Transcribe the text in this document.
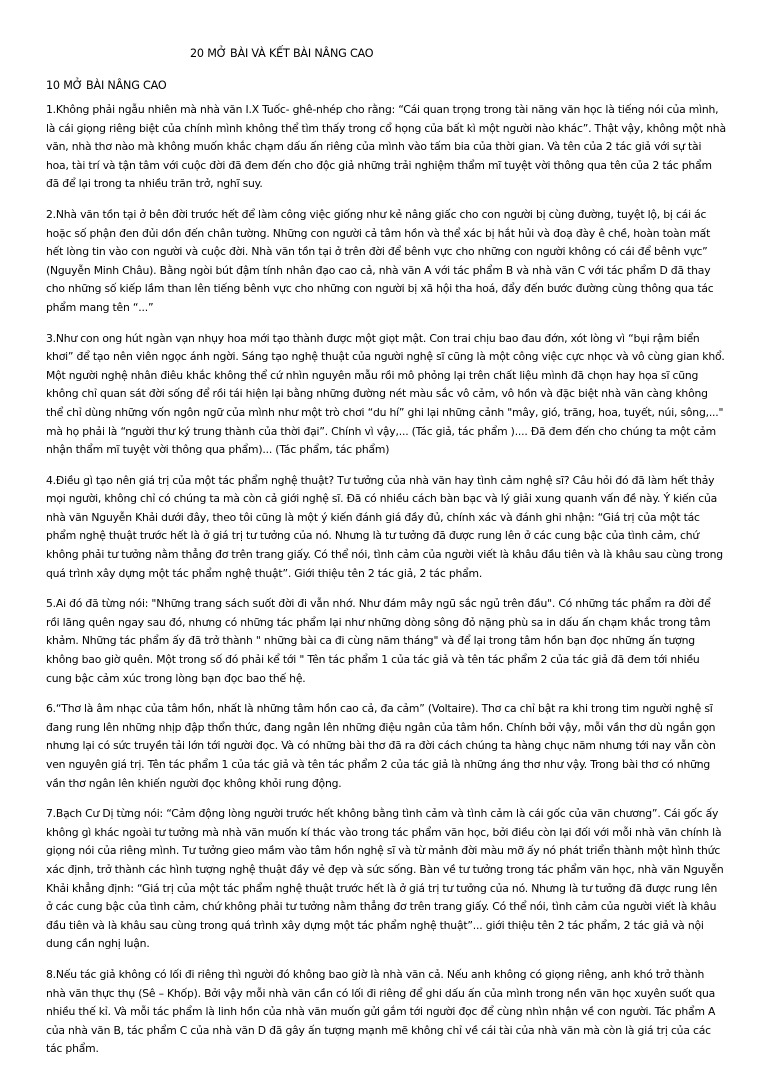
20 MỞ BÀI VÀ KẾT BÀI NÂNG CAO
10 MỞ BÀI NÂNG CAO

1.Không phải ngẫu nhiên mà nhà văn I.X Tuốc- ghê-nhép cho rằng: “Cái quan trọng trong tài năng văn học là tiếng nói của mình, là cái giọng riêng biệt của chính mình không thể tìm thấy trong cổ họng của bất kì một người nào khác”. Thật vậy, không một nhà văn, nhà thơ nào mà không muốn khắc chạm dấu ấn riêng của mình vào tấm bia của thời gian. Và tên của 2 tác giả với sự tài hoa, tài trí và tận tâm với cuộc đời đã đem đến cho độc giả những trải nghiệm thẩm mĩ tuyệt vời thông qua tên của 2 tác phẩm đã để lại trong ta nhiều trăn trở, nghĩ suy.

2.Nhà văn tồn tại ở bên đời trước hết để làm công việc giống như kẻ nâng giấc cho con người bị cùng đường, tuyệt lộ, bị cái ác hoặc số phận đen đủi dồn đến chân tường. Những con người cả tâm hồn và thể xác bị hắt hủi và đoạ đày ê chề, hoàn toàn mất hết lòng tin vào con người và cuộc đời. Nhà văn tồn tại ở trên đời để bênh vực cho những con người không có cái để bênh vực” (Nguyễn Minh Châu). Bằng ngòi bút đậm tính nhân đạo cao cả, nhà văn A với tác phẩm B và nhà văn C với tác phẩm D đã thay cho những số kiếp lầm than lên tiếng bênh vực cho những con người bị xã hội tha hoá, đẩy đến bước đường cùng thông qua tác phẩm mang tên “...”

3.Như con ong hút ngàn vạn nhụy hoa mới tạo thành được một giọt mật. Con trai chịu bao đau đớn, xót lòng vì “bụi rậm biển khơi” để tạo nên viên ngọc ánh ngời. Sáng tạo nghệ thuật của người nghệ sĩ cũng là một công việc cực nhọc và vô cùng gian khổ. Một người nghệ nhân điêu khắc không thể cứ nhìn nguyên mẫu rồi mô phỏng lại trên chất liệu mình đã chọn hay họa sĩ cũng không chỉ quan sát đời sống để rồi tái hiện lại bằng những đường nét màu sắc vô cảm, vô hồn và đặc biệt nhà văn càng không thể chỉ dùng những vốn ngôn ngữ của mình như một trò chơi “du hí” ghi lại những cảnh "mây, gió, trăng, hoa, tuyết, núi, sông,..." mà họ phải là “người thư ký trung thành của thời đại”. Chính vì vậy,... (Tác giả, tác phẩm ).... Đã đem đến cho chúng ta một cảm nhận thẩm mĩ tuyệt vời thông qua phẩm)... (Tác phẩm, tác phẩm)

4.Điều gì tạo nên giá trị của một tác phẩm nghệ thuật? Tư tưởng của nhà văn hay tình cảm nghệ sĩ? Câu hỏi đó đã làm hết thảy mọi người, không chỉ có chúng ta mà còn cả giới nghệ sĩ. Đã có nhiều cách bàn bạc và lý giải xung quanh vấn đề này. Ý kiến của nhà văn Nguyễn Khải dưới đây, theo tôi cũng là một ý kiến đánh giá đầy đủ, chính xác và đánh ghi nhận: “Giá trị của một tác phẩm nghệ thuật trước hết là ở giá trị tư tưởng của nó. Nhưng là tư tưởng đã được rung lên ở các cung bậc của tình cảm, chứ không phải tư tưởng nằm thẳng đơ trên trang giấy. Có thể nói, tình cảm của người viết là khâu đầu tiên và là khâu sau cùng trong quá trình xây dựng một tác phẩm nghệ thuật”. Giới thiệu tên 2 tác giả, 2 tác phẩm.

5.Ai đó đã từng nói: "Những trang sách suốt đời đi vẫn nhớ. Như đám mây ngũ sắc ngủ trên đầu". Có những tác phẩm ra đời để rồi lãng quên ngay sau đó, nhưng có những tác phẩm lại như những dòng sông đỏ nặng phù sa in dấu ấn chạm khắc trong tâm khảm. Những tác phẩm ấy đã trở thành " những bài ca đi cùng năm tháng" và để lại trong tâm hồn bạn đọc những ấn tượng không bao giờ quên. Một trong số đó phải kể tới " Tên tác phẩm 1 của tác giả và tên tác phẩm 2 của tác giả đã đem tới nhiều cung bậc cảm xúc trong lòng bạn đọc bao thế hệ.

6.“Thơ là âm nhạc của tâm hồn, nhất là những tâm hồn cao cả, đa cảm” (Voltaire). Thơ ca chỉ bật ra khi trong tim người nghệ sĩ đang rung lên những nhịp đập thổn thức, đang ngân lên những điệu ngân của tâm hồn. Chính bởi vậy, mỗi vần thơ dù ngắn gọn nhưng lại có sức truyền tải lớn tới người đọc. Và có những bài thơ đã ra đời cách chúng ta hàng chục năm nhưng tới nay vẫn còn ven nguyên giá trị. Tên tác phẩm 1 của tác giả và tên tác phẩm 2 của tác giả là những áng thơ như vậy. Trong bài thơ có những vần thơ ngân lên khiến người đọc không khỏi rung động.

7.Bạch Cư Dị từng nói: “Cảm động lòng người trước hết không bằng tình cảm và tình cảm là cái gốc của văn chương”. Cái gốc ấy không gì khác ngoài tư tưởng mà nhà văn muốn kí thác vào trong tác phẩm văn học, bởi điều còn lại đối với mỗi nhà văn chính là giọng nói của riêng mình. Tư tưởng gieo mầm vào tâm hồn nghệ sĩ và từ mảnh đời màu mỡ ấy nó phát triển thành một hình thức xác định, trở thành các hình tượng nghệ thuật đầy vẻ đẹp và sức sống. Bàn về tư tưởng trong tác phẩm văn học, nhà văn Nguyễn Khải khẳng định: “Giá trị của một tác phẩm nghệ thuật trước hết là ở giá trị tư tưởng của nó. Nhưng là tư tưởng đã được rung lên ở các cung bậc của tình cảm, chứ không phải tư tưởng nằm thẳng đơ trên trang giấy. Có thể nói, tình cảm của người viết là khâu đầu tiên và là khâu sau cùng trong quá trình xây dựng một tác phẩm nghệ thuật”... giới thiệu tên 2 tác phẩm, 2 tác giả và nội dung cần nghị luận.

8.Nếu tác giả không có lối đi riêng thì người đó không bao giờ là nhà văn cả. Nếu anh không có giọng riêng, anh khó trở thành nhà văn thực thụ (Sê – Khốp). Bởi vậy mỗi nhà văn cần có lối đi riêng để ghi dấu ấn của mình trong nền văn học xuyên suốt qua nhiều thế kỉ. Và mỗi tác phẩm là linh hồn của nhà văn muốn gửi gắm tới người đọc để cùng nhìn nhận về con người. Tác phẩm A của nhà văn B, tác phẩm C của nhà văn D đã gây ấn tượng mạnh mẽ không chỉ về cái tài của nhà văn mà còn là giá trị của các tác phẩm.
